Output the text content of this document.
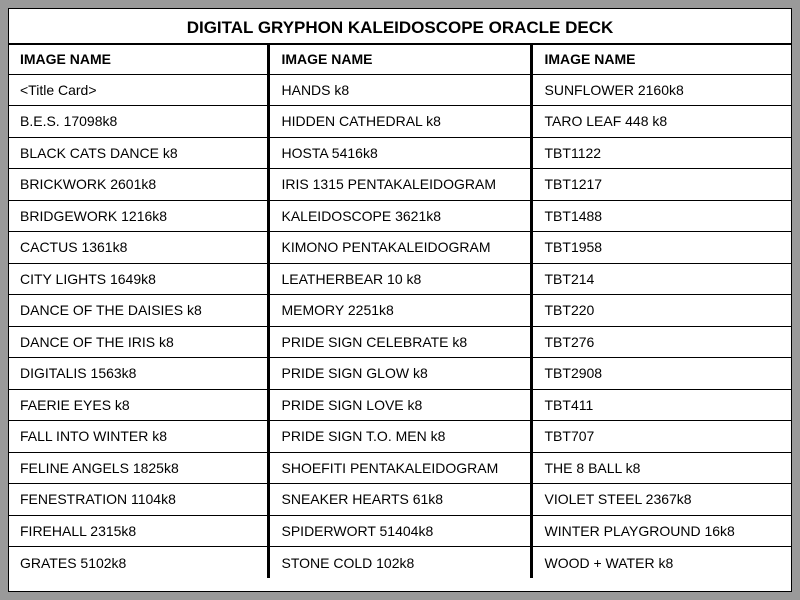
DIGITAL GRYPHON KALEIDOSCOPE ORACLE DECK
IMAGE NAME	IMAGE NAME	IMAGE NAME
<Title Card>	HANDS k8	SUNFLOWER 2160k8
B.E.S. 17098k8	HIDDEN CATHEDRAL k8	TARO LEAF 448 k8
BLACK CATS DANCE k8	HOSTA 5416k8	TBT1122
BRICKWORK 2601k8	IRIS 1315 PENTAKALEIDOGRAM	TBT1217
BRIDGEWORK 1216k8	KALEIDOSCOPE 3621k8	TBT1488
CACTUS 1361k8	KIMONO PENTAKALEIDOGRAM	TBT1958
CITY LIGHTS 1649k8	LEATHERBEAR 10 k8	TBT214
DANCE OF THE DAISIES k8	MEMORY 2251k8	TBT220
DANCE OF THE IRIS k8	PRIDE SIGN CELEBRATE k8	TBT276
DIGITALIS 1563k8	PRIDE SIGN GLOW k8	TBT2908
FAERIE EYES k8	PRIDE SIGN LOVE k8	TBT411
FALL INTO WINTER k8	PRIDE SIGN T.O. MEN k8	TBT707
FELINE ANGELS 1825k8	SHOEFITI PENTAKALEIDOGRAM	THE 8 BALL k8
FENESTRATION 1104k8	SNEAKER HEARTS 61k8	VIOLET STEEL 2367k8
FIREHALL 2315k8	SPIDERWORT 51404k8	WINTER PLAYGROUND 16k8
GRATES 5102k8	STONE COLD 102k8	WOOD + WATER k8
